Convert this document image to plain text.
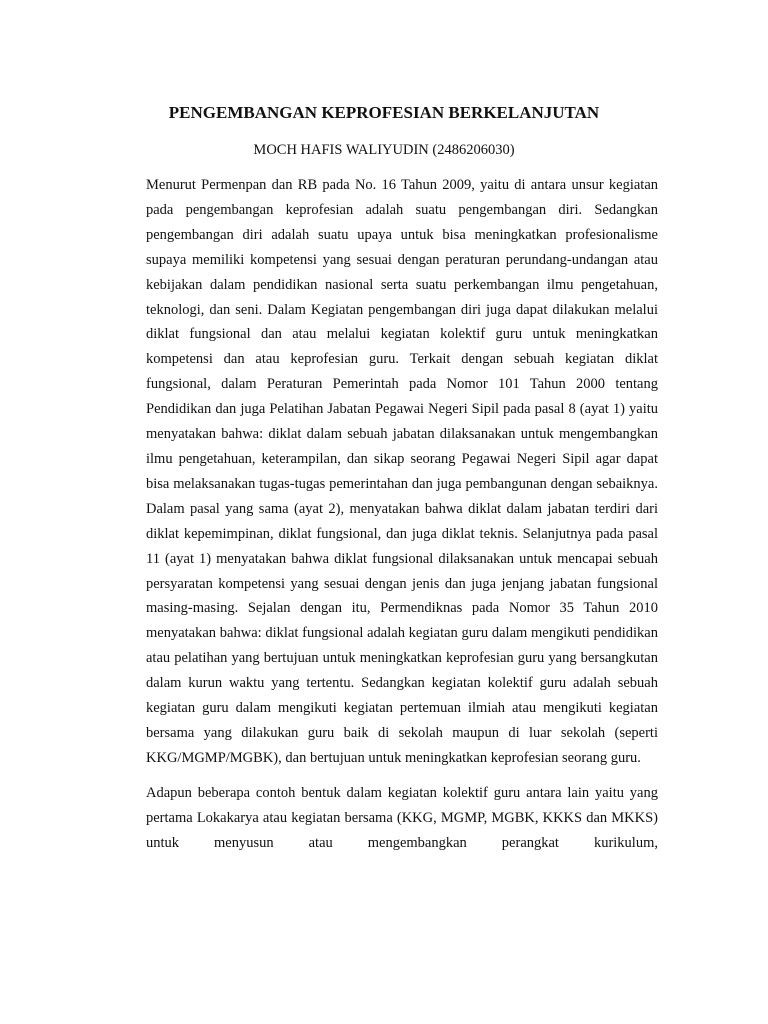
PENGEMBANGAN KEPROFESIAN BERKELANJUTAN
MOCH HAFIS WALIYUDIN (2486206030)

Menurut Permenpan dan RB pada No. 16 Tahun 2009, yaitu di antara unsur kegiatan pada pengembangan keprofesian adalah suatu pengembangan diri. Sedangkan pengembangan diri adalah suatu upaya untuk bisa meningkatkan profesionalisme supaya memiliki kompetensi yang sesuai dengan peraturan perundang-undangan atau kebijakan dalam pendidikan nasional serta suatu perkembangan ilmu pengetahuan, teknologi, dan seni. Dalam Kegiatan pengembangan diri juga dapat dilakukan melalui diklat fungsional dan atau melalui kegiatan kolektif guru untuk meningkatkan kompetensi dan atau keprofesian guru. Terkait dengan sebuah kegiatan diklat fungsional, dalam Peraturan Pemerintah pada Nomor 101 Tahun 2000 tentang Pendidikan dan juga Pelatihan Jabatan Pegawai Negeri Sipil pada pasal 8 (ayat 1) yaitu menyatakan bahwa: diklat dalam sebuah jabatan dilaksanakan untuk mengembangkan ilmu pengetahuan, keterampilan, dan sikap seorang Pegawai Negeri Sipil agar dapat bisa melaksanakan tugas-tugas pemerintahan dan juga pembangunan dengan sebaiknya. Dalam pasal yang sama (ayat 2), menyatakan bahwa diklat dalam jabatan terdiri dari diklat kepemimpinan, diklat fungsional, dan juga diklat teknis. Selanjutnya pada pasal 11 (ayat 1) menyatakan bahwa diklat fungsional dilaksanakan untuk mencapai sebuah persyaratan kompetensi yang sesuai dengan jenis dan juga jenjang jabatan fungsional masing-masing. Sejalan dengan itu, Permendiknas pada Nomor 35 Tahun 2010 menyatakan bahwa: diklat fungsional adalah kegiatan guru dalam mengikuti pendidikan atau pelatihan yang bertujuan untuk meningkatkan keprofesian guru yang bersangkutan dalam kurun waktu yang tertentu. Sedangkan kegiatan kolektif guru adalah sebuah kegiatan guru dalam mengikuti kegiatan pertemuan ilmiah atau mengikuti kegiatan bersama yang dilakukan guru baik di sekolah maupun di luar sekolah (seperti KKG/MGMP/MGBK), dan bertujuan untuk meningkatkan keprofesian seorang guru.

Adapun beberapa contoh bentuk dalam kegiatan kolektif guru antara lain yaitu yang pertama Lokakarya atau kegiatan bersama (KKG, MGMP, MGBK, KKKS dan MKKS) untuk menyusun atau mengembangkan perangkat kurikulum,
